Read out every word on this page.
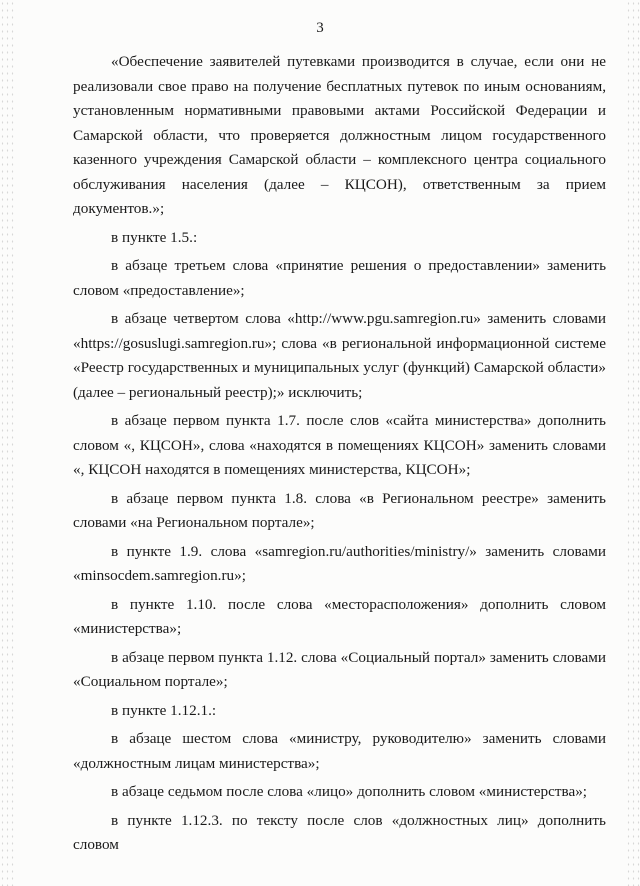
3

«Обеспечение заявителей путевками производится в случае, если они не реализовали свое право на получение бесплатных путевок по иным основаниям, установленным нормативными правовыми актами Российской Федерации и Самарской области, что проверяется должностным лицом государственного казенного учреждения Самарской области – комплексного центра социального обслуживания населения (далее – КЦСОН), ответственным за прием документов.»;

в пункте 1.5.:

в абзаце третьем слова «принятие решения о предоставлении» заменить словом «предоставление»;

в абзаце четвертом слова «http://www.pgu.samregion.ru» заменить словами «https://gosuslugi.samregion.ru»; слова «в региональной информационной системе «Реестр государственных и муниципальных услуг (функций) Самарской области» (далее – региональный реестр);» исключить;

в абзаце первом пункта 1.7. после слов «сайта министерства» дополнить словом «, КЦСОН», слова «находятся в помещениях КЦСОН» заменить словами «, КЦСОН находятся в помещениях министерства, КЦСОН»;

в абзаце первом пункта 1.8. слова «в Региональном реестре» заменить словами «на Региональном портале»;

в пункте 1.9. слова «samregion.ru/authorities/ministry/» заменить словами «minsocdem.samregion.ru»;

в пункте 1.10. после слова «месторасположения» дополнить словом «министерства»;

в абзаце первом пункта 1.12. слова «Социальный портал» заменить словами «Социальном портале»;

в пункте 1.12.1.:

в абзаце шестом слова «министру, руководителю» заменить словами «должностным лицам министерства»;

в абзаце седьмом после слова «лицо» дополнить словом «министерства»;

в пункте 1.12.3. по тексту после слов «должностных лиц» дополнить словом
